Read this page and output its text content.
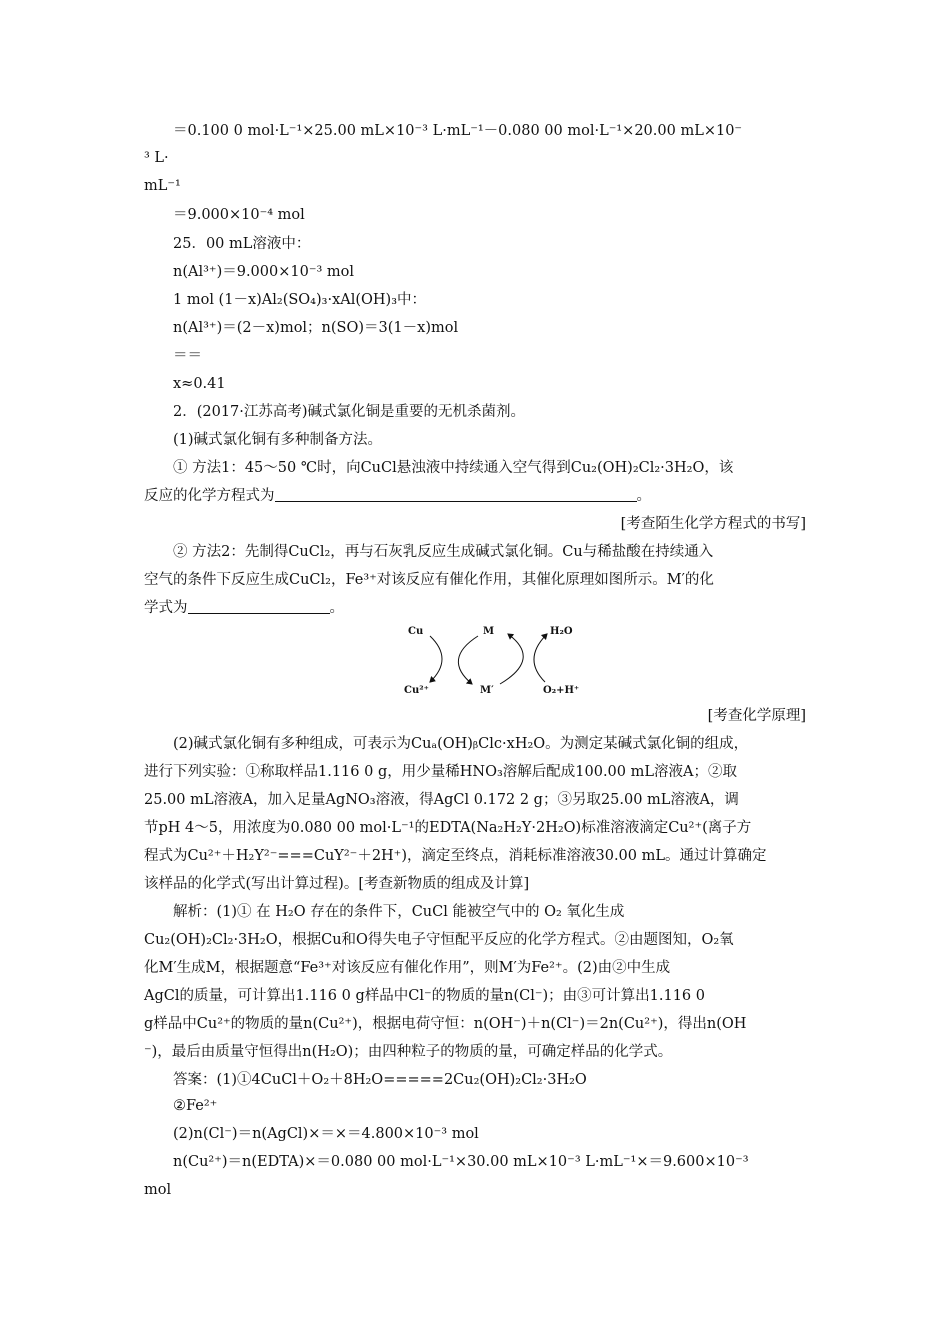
＝0.100 0 mol·L⁻¹×25.00 mL×10⁻³ L·mL⁻¹－0.080 00 mol·L⁻¹×20.00 mL×10⁻
³ L·
mL⁻¹
＝9.000×10⁻⁴ mol
25．00 mL溶液中：
n(Al³⁺)＝9.000×10⁻³ mol
1 mol (1－x)Al₂(SO₄)₃·xAl(OH)₃中：
n(Al³⁺)＝(2－x)mol；n(SO)＝3(1－x)mol
＝＝
x≈0.41
2．(2017·江苏高考)碱式氯化铜是重要的无机杀菌剂。
(1)碱式氯化铜有多种制备方法。
① 方法1：45～50 ℃时，向CuCl悬浊液中持续通入空气得到Cu₂(OH)₂Cl₂·3H₂O，该
反应的化学方程式为	。
[考查陌生化学方程式的书写]
② 方法2：先制得CuCl₂，再与石灰乳反应生成碱式氯化铜。Cu与稀盐酸在持续通入
空气的条件下反应生成CuCl₂，Fe³⁺对该反应有催化作用，其催化原理如图所示。M′的化
学式为	。
Cu	M	H₂O
Cu²⁺	M′	O₂+H⁺
[考查化学原理]
(2)碱式氯化铜有多种组成，可表示为Cuₐ(OH)ᵦClc·xH₂O。为测定某碱式氯化铜的组成，
进行下列实验：①称取样品1.116 0 g，用少量稀HNO₃溶解后配成100.00 mL溶液A；②取
25.00 mL溶液A，加入足量AgNO₃溶液，得AgCl 0.172 2 g；③另取25.00 mL溶液A，调
节pH 4～5，用浓度为0.080 00 mol·L⁻¹的EDTA(Na₂H₂Y·2H₂O)标准溶液滴定Cu²⁺(离子方
程式为Cu²⁺＋H₂Y²⁻===CuY²⁻＋2H⁺)，滴定至终点，消耗标准溶液30.00 mL。通过计算确定
该样品的化学式(写出计算过程)。[考查新物质的组成及计算]
解析：(1)① 在 H₂O 存在的条件下，CuCl 能被空气中的 O₂ 氧化生成
Cu₂(OH)₂Cl₂·3H₂O，根据Cu和O得失电子守恒配平反应的化学方程式。②由题图知，O₂氧
化M′生成M，根据题意“Fe³⁺对该反应有催化作用”，则M′为Fe²⁺。(2)由②中生成
AgCl的质量，可计算出1.116 0 g样品中Cl⁻的物质的量n(Cl⁻)；由③可计算出1.116 0
g样品中Cu²⁺的物质的量n(Cu²⁺)，根据电荷守恒：n(OH⁻)＋n(Cl⁻)＝2n(Cu²⁺)，得出n(OH
⁻)，最后由质量守恒得出n(H₂O)；由四种粒子的物质的量，可确定样品的化学式。
答案：(1)①4CuCl＋O₂＋8H₂O=====2Cu₂(OH)₂Cl₂·3H₂O
②Fe²⁺
(2)n(Cl⁻)＝n(AgCl)×＝×＝4.800×10⁻³ mol
n(Cu²⁺)＝n(EDTA)×＝0.080 00 mol·L⁻¹×30.00 mL×10⁻³ L·mL⁻¹×＝9.600×10⁻³
mol
